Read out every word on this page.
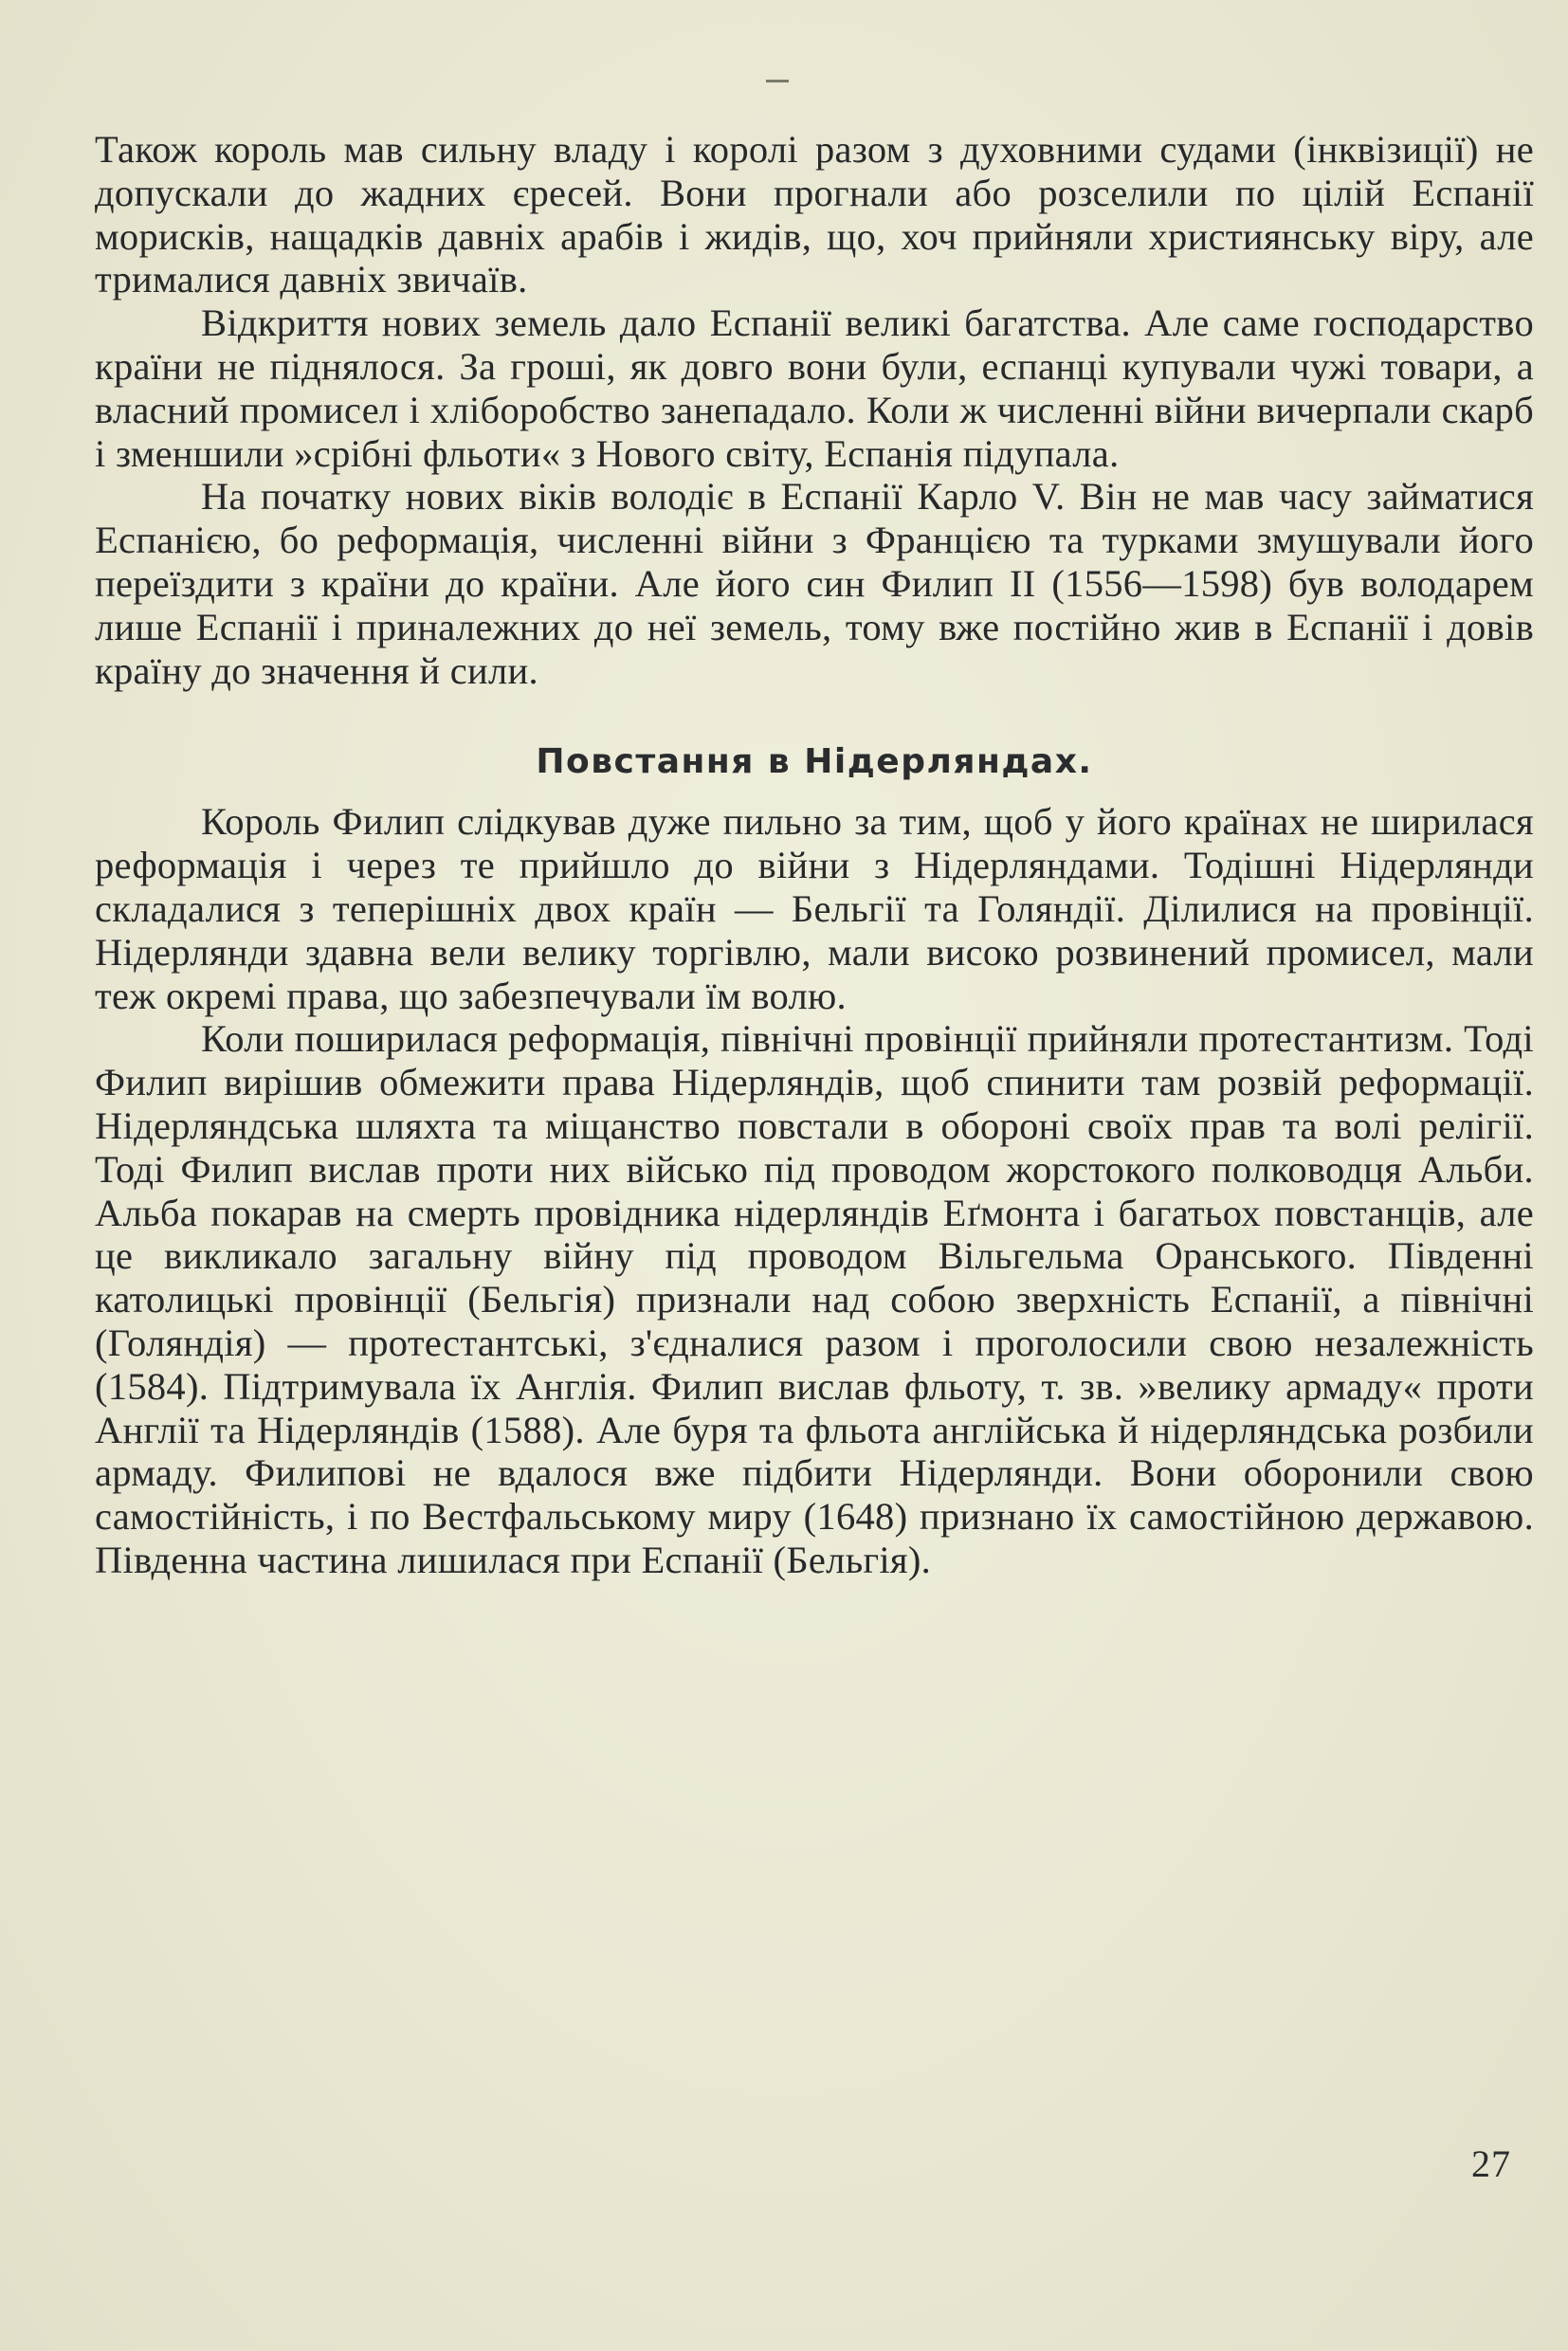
Також король мав сильну владу і королі разом з духовними судами (інквізиції) не допускали до жадних єресей. Вони прогнали або розселили по цілій Еспанії морисків, нащадків давніх арабів і жидів, що, хоч прийняли християнську віру, але трималися давніх звичаїв.

Відкриття нових земель дало Еспанії великі багатства. Але саме господарство країни не піднялося. За гроші, як довго вони були, еспанці купували чужі товари, а власний промисел і хліборобство занепадало. Коли ж численні війни вичерпали скарб і зменшили »срібні фльоти« з Нового світу, Еспанія підупала.

На початку нових віків володіє в Еспанії Карло V. Він не мав часу займатися Еспанією, бо реформація, численні війни з Францією та турками змушували його переїздити з країни до країни. Але його син Филип II (1556—1598) був володарем лише Еспанії і приналежних до неї земель, тому вже постійно жив в Еспанії і довів країну до значення й сили.

Повстання в Нідерляндах.

Король Филип слідкував дуже пильно за тим, щоб у його країнах не ширилася реформація і через те прийшло до війни з Нідерляндами. Тодішні Нідерлянди складалися з теперішніх двох країн — Бельгії та Голяндії. Ділилися на провінції. Нідерлянди здавна вели велику торгівлю, мали високо розвинений промисел, мали теж окремі права, що забезпечували їм волю.

Коли поширилася реформація, північні провінції прийняли протестантизм. Тоді Филип вирішив обмежити права Нідерляндів, щоб спинити там розвій реформації. Нідерляндська шляхта та міщанство повстали в обороні своїх прав та волі релігії. Тоді Филип вислав проти них військо під проводом жорстокого полководця Альби. Альба покарав на смерть провідника нідерляндів Еґмонта і багатьох повстанців, але це викликало загальну війну під проводом Вільгельма Оранського. Південні католицькі провінції (Бельгія) признали над собою зверхність Еспанії, а північні (Голяндія) — протестантські, з'єдналися разом і проголосили свою незалежність (1584). Підтримувала їх Англія. Филип вислав фльоту, т. зв. »велику армаду« проти Англії та Нідерляндів (1588). Але буря та фльота англійська й нідерляндська розбили армаду. Филипові не вдалося вже підбити Нідерлянди. Вони оборонили свою самостійність, і по Вестфальському миру (1648) признано їх самостійною державою. Південна частина лишилася при Еспанії (Бельгія).

27
